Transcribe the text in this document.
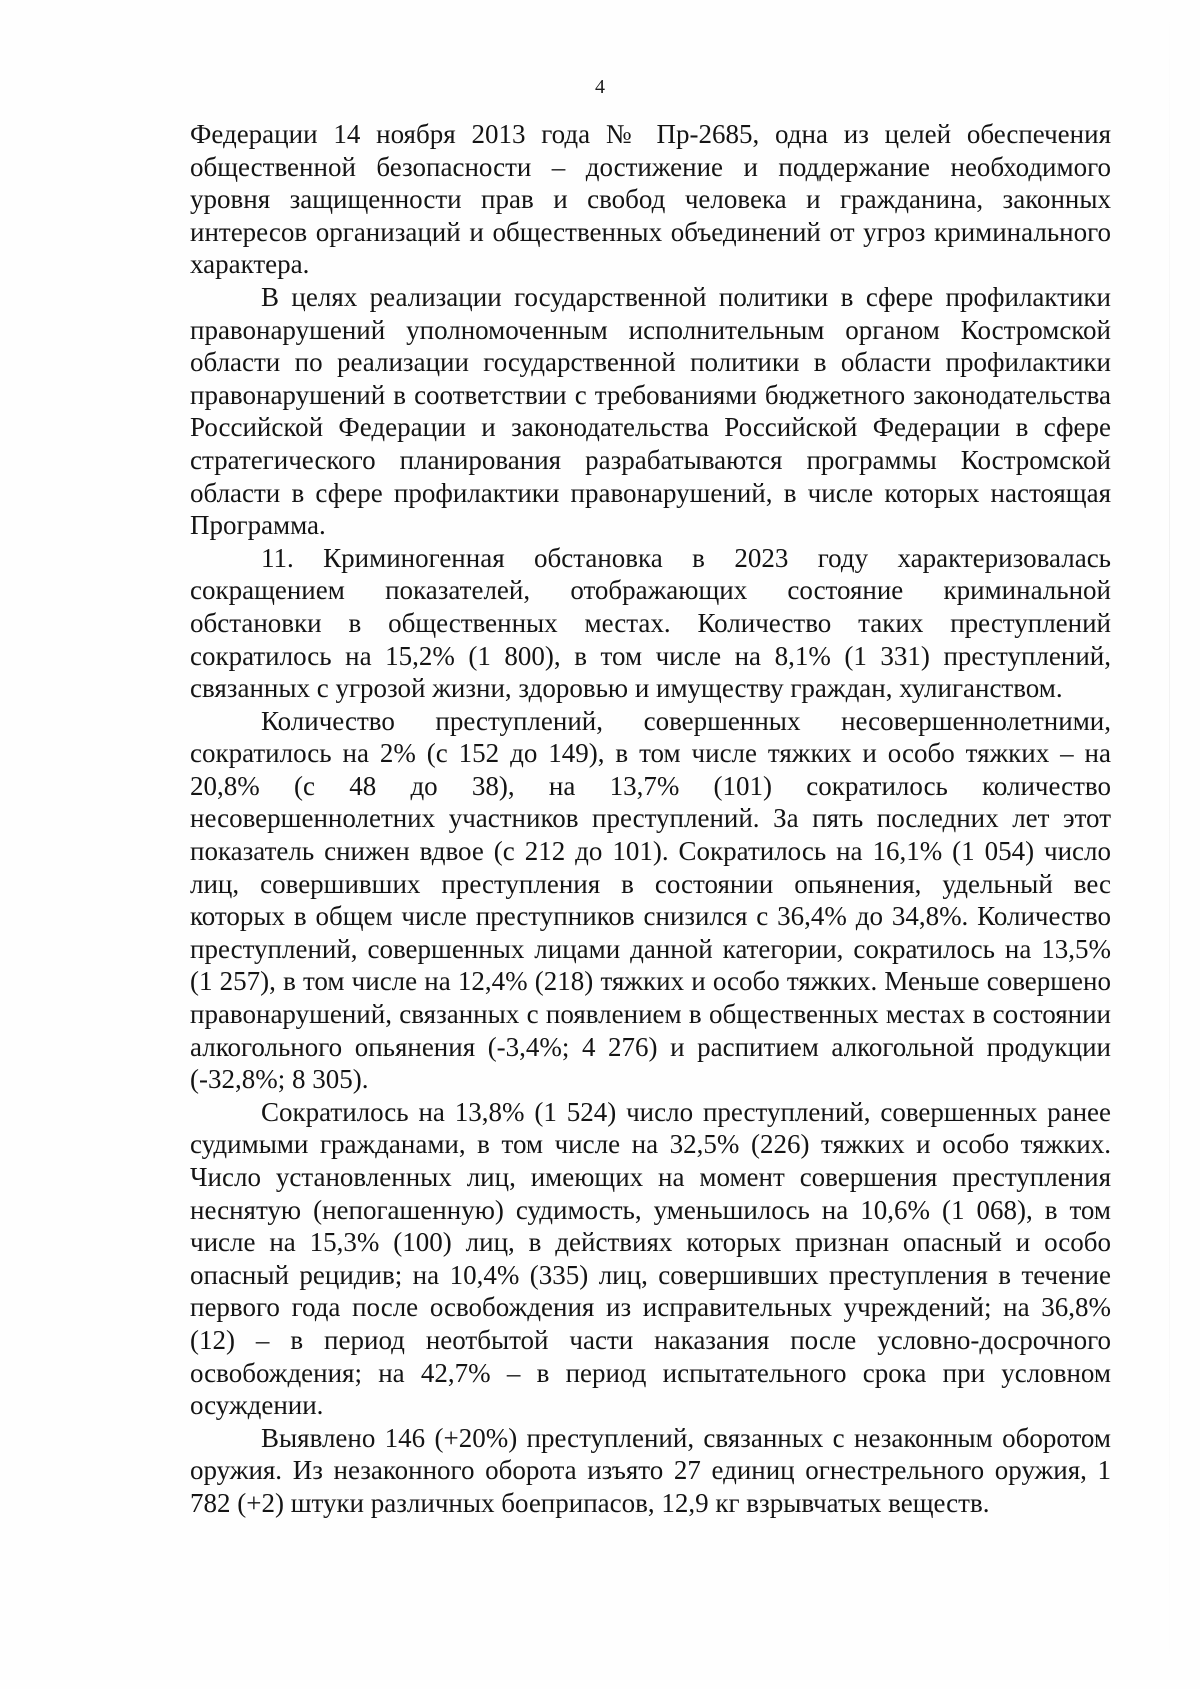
4

Федерации 14 ноября 2013 года № Пр-2685, одна из целей обеспечения общественной безопасности – достижение и поддержание необходимого уровня защищенности прав и свобод человека и гражданина, законных интересов организаций и общественных объединений от угроз криминального характера.

В целях реализации государственной политики в сфере профилактики правонарушений уполномоченным исполнительным органом Костромской области по реализации государственной политики в области профилактики правонарушений в соответствии с требованиями бюджетного законодательства Российской Федерации и законодательства Российской Федерации в сфере стратегического планирования разрабатываются программы Костромской области в сфере профилактики правонарушений, в числе которых настоящая Программа.

11. Криминогенная обстановка в 2023 году характеризовалась сокращением показателей, отображающих состояние криминальной обстановки в общественных местах. Количество таких преступлений сократилось на 15,2% (1 800), в том числе на 8,1% (1 331) преступлений, связанных с угрозой жизни, здоровью и имуществу граждан, хулиганством.

Количество преступлений, совершенных несовершеннолетними, сократилось на 2% (с 152 до 149), в том числе тяжких и особо тяжких – на 20,8% (с 48 до 38), на 13,7% (101) сократилось количество несовершеннолетних участников преступлений. За пять последних лет этот показатель снижен вдвое (с 212 до 101). Сократилось на 16,1% (1 054) число лиц, совершивших преступления в состоянии опьянения, удельный вес которых в общем числе преступников снизился с 36,4% до 34,8%. Количество преступлений, совершенных лицами данной категории, сократилось на 13,5% (1 257), в том числе на 12,4% (218) тяжких и особо тяжких. Меньше совершено правонарушений, связанных с появлением в общественных местах в состоянии алкогольного опьянения (-3,4%; 4 276) и распитием алкогольной продукции (-32,8%; 8 305).

Сократилось на 13,8% (1 524) число преступлений, совершенных ранее судимыми гражданами, в том числе на 32,5% (226) тяжких и особо тяжких. Число установленных лиц, имеющих на момент совершения преступления неснятую (непогашенную) судимость, уменьшилось на 10,6% (1 068), в том числе на 15,3% (100) лиц, в действиях которых признан опасный и особо опасный рецидив; на 10,4% (335) лиц, совершивших преступления в течение первого года после освобождения из исправительных учреждений; на 36,8% (12) – в период неотбытой части наказания после условно-досрочного освобождения; на 42,7% – в период испытательного срока при условном осуждении.

Выявлено 146 (+20%) преступлений, связанных с незаконным оборотом оружия. Из незаконного оборота изъято 27 единиц огнестрельного оружия, 1 782 (+2) штуки различных боеприпасов, 12,9 кг взрывчатых веществ.
